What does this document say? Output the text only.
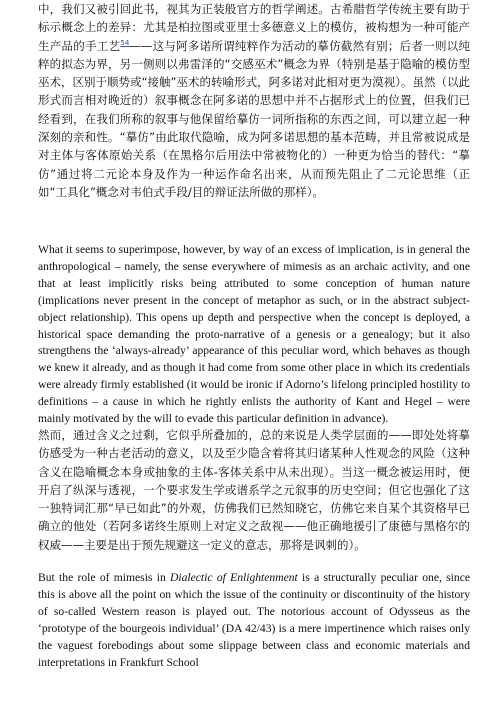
中，我们又被引回此书，视其为正装般官方的哲学阐述。古希腊哲学传统主要有助于标示概念上的差异：尤其是柏拉图或亚里士多德意义上的模仿，被构想为一种可能产生产品的手工艺$^{54}$——这与阿多诺所谓纯粹作为活动的摹仿截然有别；后者一则以纯粹的拟态为界，另一侧则以弗雷泽的“交感巫术”概念为界（特别是基于隐喻的模仿型巫术，区别于顺势或“接触”巫术的转喻形式，阿多诺对此相对更为漠视）。虽然（以此形式而言相对晚近的）叙事概念在阿多诺的思想中并不占据形式上的位置，但我们已经看到，在我们所称的叙事与他保留给摹仿一词所指称的东西之间，可以建立起一种深刻的亲和性。“摹仿”由此取代隐喻，成为阿多诺思想的基本范畴，并且常被说成是对主体与客体原始关系（在黑格尔后用法中常被物化的）一种更为恰当的替代：“摹仿”通过将二元论本身及作为一种运作命名出来，从而预先阻止了二元论思维（正如“工具化”概念对韦伯式手段/目的辩证法所做的那样）。

What it seems to superimpose, however, by way of an excess of implication, is in general the anthropological – namely, the sense everywhere of mimesis as an archaic activity, and one that at least implicitly risks being attributed to some conception of human nature (implications never present in the concept of metaphor as such, or in the abstract subject-object relationship). This opens up depth and perspective when the concept is deployed, a historical space demanding the proto-narrative of a genesis or a genealogy; but it also strengthens the ‘always-already’ appearance of this peculiar word, which behaves as though we knew it already, and as though it had come from some other place in which its credentials were already firmly established (it would be ironic if Adorno’s lifelong principled hostility to definitions – a cause in which he rightly enlists the authority of Kant and Hegel – were mainly motivated by the will to evade this particular definition in advance).

然而，通过含义之过剩，它似乎所叠加的，总的来说是人类学层面的——即处处将摹仿感受为一种古老活动的意义，以及至少隐含着将其归诸某种人性观念的风险（这种含义在隐喻概念本身或抽象的主体-客体关系中从未出现）。当这一概念被运用时，便开启了纵深与透视，一个要求发生学或谱系学之元叙事的历史空间；但它也强化了这一独特词汇那“早已如此”的外观，仿佛我们已然知晓它，仿佛它来自某个其资格早已确立的他处（若阿多诺终生原则上对定义之敌视——他正确地援引了康德与黑格尔的权威——主要是出于预先规避这一定义的意志，那将是讽刺的）。

But the role of mimesis in Dialectic of Enlightenment is a structurally peculiar one, since this is above all the point on which the issue of the continuity or discontinuity of the history of so-called Western reason is played out. The notorious account of Odysseus as the ‘prototype of the bourgeois individual’ (DA 42/43) is a mere impertinence which raises only the vaguest forebodings about some slippage between class and economic materials and interpretations in Frankfurt School
